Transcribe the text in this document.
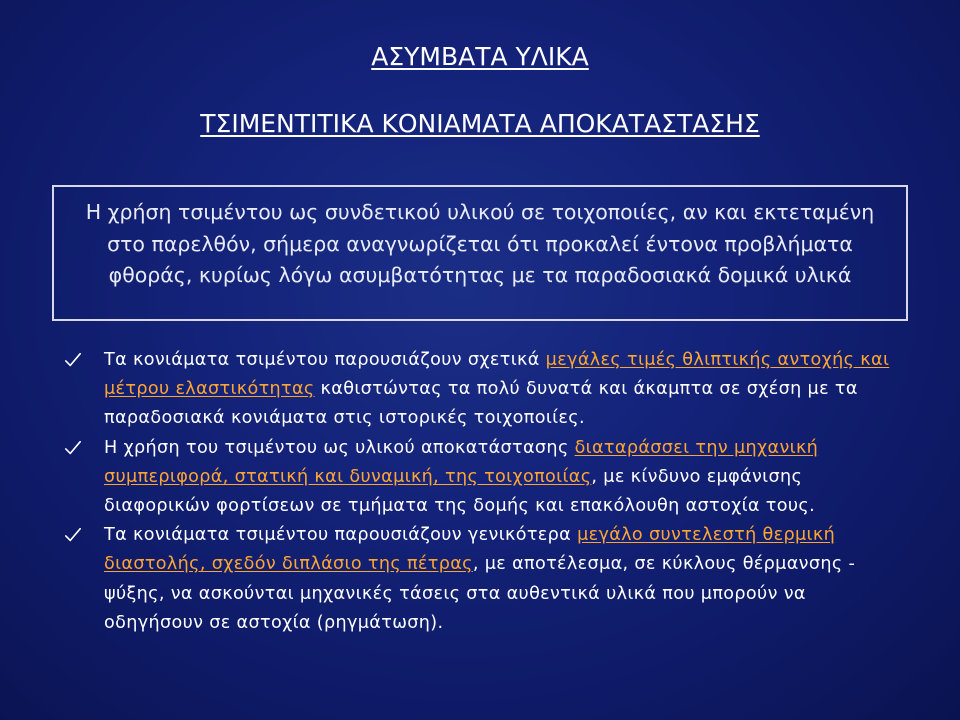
ΑΣΥΜΒΑΤΑ ΥΛΙΚΑ
ΤΣΙΜΕΝΤΙΤΙΚΑ ΚΟΝΙΑΜΑΤΑ ΑΠΟΚΑΤΑΣΤΑΣΗΣ
Η χρήση τσιμέντου ως συνδετικού υλικού σε τοιχοποιίες, αν και εκτεταμένη στο παρελθόν, σήμερα αναγνωρίζεται ότι προκαλεί έντονα προβλήματα φθοράς, κυρίως λόγω ασυμβατότητας με τα παραδοσιακά δομικά υλικά
Τα κονιάματα τσιμέντου παρουσιάζουν σχετικά μεγάλες τιμές θλιπτικής αντοχής και μέτρου ελαστικότητας καθιστώντας τα πολύ δυνατά και άκαμπτα σε σχέση με τα παραδοσιακά κονιάματα στις ιστορικές τοιχοποιίες.
Η χρήση του τσιμέντου ως υλικού αποκατάστασης διαταράσσει την μηχανική συμπεριφορά, στατική και δυναμική, της τοιχοποιίας, με κίνδυνο εμφάνισης διαφορικών φορτίσεων σε τμήματα της δομής και επακόλουθη αστοχία τους.
Τα κονιάματα τσιμέντου παρουσιάζουν γενικότερα μεγάλο συντελεστή θερμική διαστολής, σχεδόν διπλάσιο της πέτρας, με αποτέλεσμα, σε κύκλους θέρμανσης - ψύξης, να ασκούνται μηχανικές τάσεις στα αυθεντικά υλικά που μπορούν να οδηγήσουν σε αστοχία (ρηγμάτωση).
